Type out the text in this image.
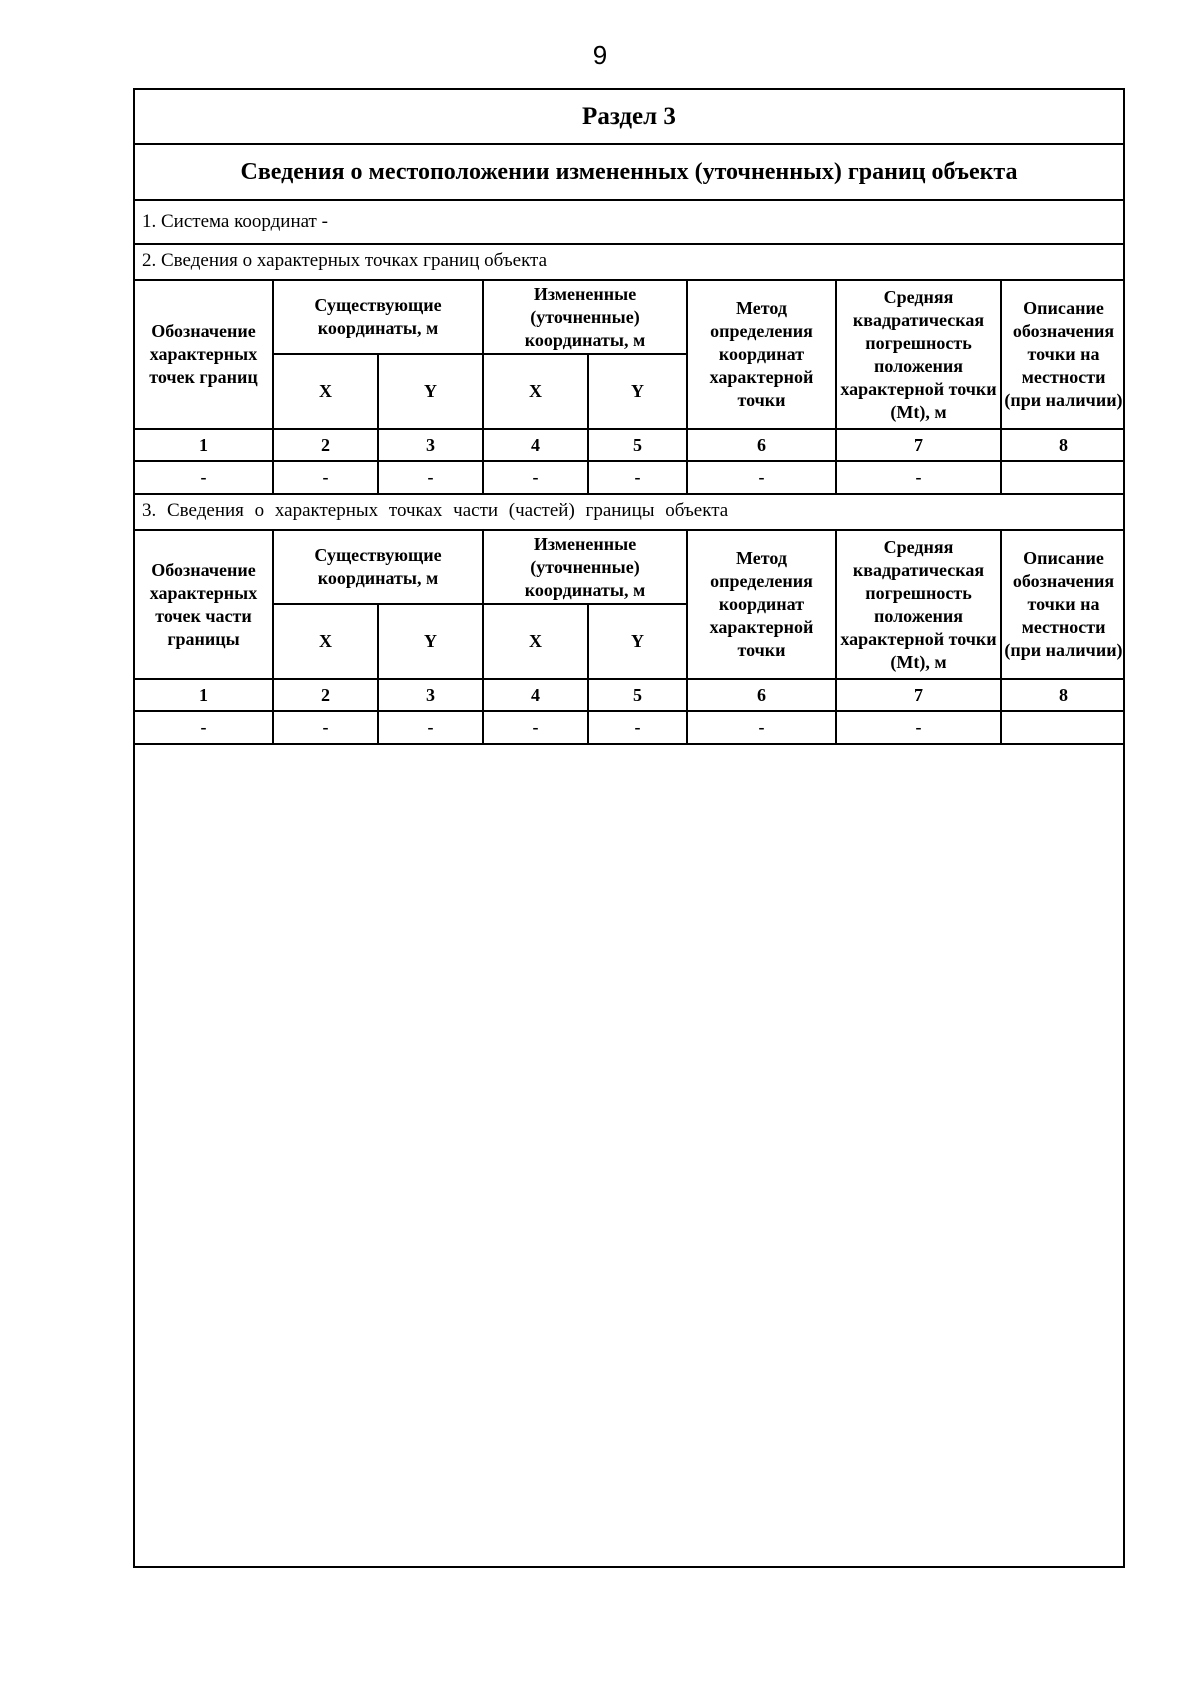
9
Раздел 3
Сведения о местоположении измененных (уточненных) границ объекта
1. Система координат -
2. Сведения о характерных точках границ объекта
Обозначение характерных точек границ	Существующие координаты, м		Измененные (уточненные) координаты, м		Метод определения координат характерной точки	Средняя квадратическая погрешность положения характерной точки (Mt), м	Описание обозначения точки на местности (при наличии)
	X	Y	X	Y			
1	2	3	4	5	6	7	8
-	-	-	-	-	-	-	
3. Сведения о характерных точках части (частей) границы объекта
Обозначение характерных точек части границы	Существующие координаты, м		Измененные (уточненные) координаты, м		Метод определения координат характерной точки	Средняя квадратическая погрешность положения характерной точки (Mt), м	Описание обозначения точки на местности (при наличии)
	X	Y	X	Y			
1	2	3	4	5	6	7	8
-	-	-	-	-	-	-	
